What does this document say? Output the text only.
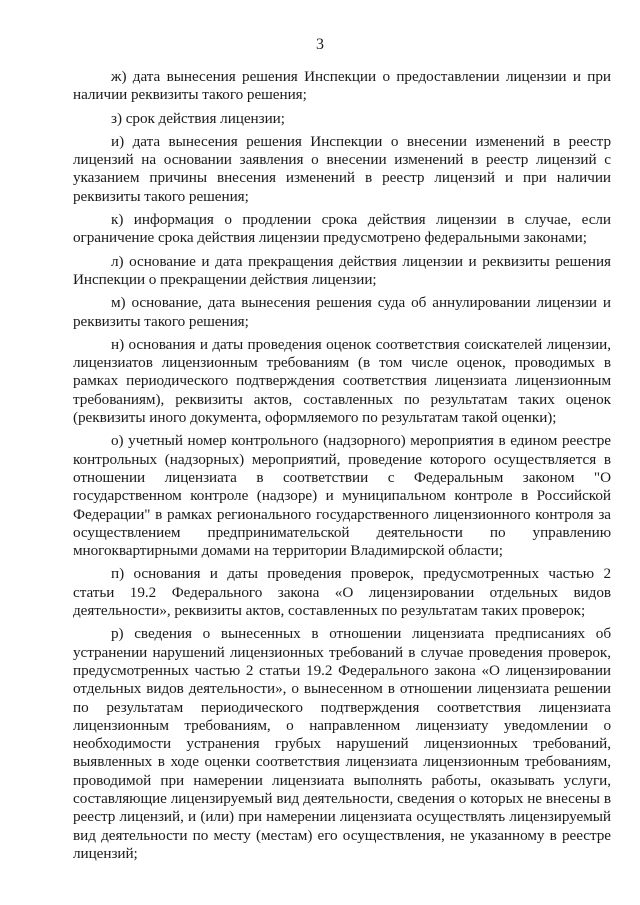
3

ж) дата вынесения решения Инспекции о предоставлении лицензии и при наличии реквизиты такого решения;

з) срок действия лицензии;

и) дата вынесения решения Инспекции о внесении изменений в реестр лицензий на основании заявления о внесении изменений в реестр лицензий с указанием причины внесения изменений в реестр лицензий и при наличии реквизиты такого решения;

к) информация о продлении срока действия лицензии в случае, если ограничение срока действия лицензии предусмотрено федеральными законами;

л) основание и дата прекращения действия лицензии и реквизиты решения Инспекции о прекращении действия лицензии;

м) основание, дата вынесения решения суда об аннулировании лицензии и реквизиты такого решения;

н) основания и даты проведения оценок соответствия соискателей лицензии, лицензиатов лицензионным требованиям (в том числе оценок, проводимых в рамках периодического подтверждения соответствия лицензиата лицензионным требованиям), реквизиты актов, составленных по результатам таких оценок (реквизиты иного документа, оформляемого по результатам такой оценки);

о) учетный номер контрольного (надзорного) мероприятия в едином реестре контрольных (надзорных) мероприятий, проведение которого осуществляется в отношении лицензиата в соответствии с Федеральным законом "О государственном контроле (надзоре) и муниципальном контроле в Российской Федерации" в рамках регионального государственного лицензионного контроля за осуществлением предпринимательской деятельности по управлению многоквартирными домами на территории Владимирской области;

п) основания и даты проведения проверок, предусмотренных частью 2 статьи 19.2 Федерального закона «О лицензировании отдельных видов деятельности», реквизиты актов, составленных по результатам таких проверок;

р) сведения о вынесенных в отношении лицензиата предписаниях об устранении нарушений лицензионных требований в случае проведения проверок, предусмотренных частью 2 статьи 19.2 Федерального закона «О лицензировании отдельных видов деятельности», о вынесенном в отношении лицензиата решении по результатам периодического подтверждения соответствия лицензиата лицензионным требованиям, о направленном лицензиату уведомлении о необходимости устранения грубых нарушений лицензионных требований, выявленных в ходе оценки соответствия лицензиата лицензионным требованиям, проводимой при намерении лицензиата выполнять работы, оказывать услуги, составляющие лицензируемый вид деятельности, сведения о которых не внесены в реестр лицензий, и (или) при намерении лицензиата осуществлять лицензируемый вид деятельности по месту (местам) его осуществления, не указанному в реестре лицензий;
